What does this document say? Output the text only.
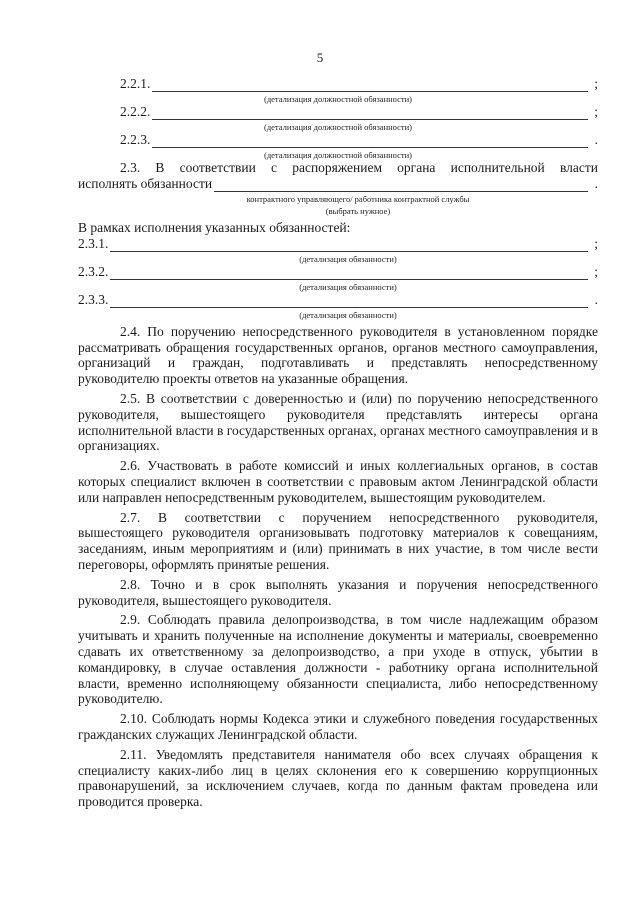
5
2.2.1.	;
(детализация должностной обязанности)
2.2.2.	;
(детализация должностной обязанности)
2.2.3.	.
(детализация должностной обязанности)

2.3. В соответствии с распоряжением органа исполнительной власти

исполнять обязанности	.
контрактного управляющего/ работника контрактной службы
(выбрать нужное)

В рамках исполнения указанных обязанностей:

2.3.1.	;
(детализация обязанности)
2.3.2.	;
(детализация обязанности)
2.3.3.	.
(детализация обязанности)

2.4. По поручению непосредственного руководителя в установленном порядке рассматривать обращения государственных органов, органов местного самоуправления, организаций и граждан, подготавливать и представлять непосредственному руководителю проекты ответов на указанные обращения.

2.5. В соответствии с доверенностью и (или) по поручению непосредственного руководителя, вышестоящего руководителя представлять интересы органа исполнительной власти в государственных органах, органах местного самоуправления и в организациях.

2.6. Участвовать в работе комиссий и иных коллегиальных органов, в состав которых специалист включен в соответствии с правовым актом Ленинградской области или направлен непосредственным руководителем, вышестоящим руководителем.

2.7. В соответствии с поручением непосредственного руководителя, вышестоящего руководителя организовывать подготовку материалов к совещаниям, заседаниям, иным мероприятиям и (или) принимать в них участие, в том числе вести переговоры, оформлять принятые решения.

2.8. Точно и в срок выполнять указания и поручения непосредственного руководителя, вышестоящего руководителя.

2.9. Соблюдать правила делопроизводства, в том числе надлежащим образом учитывать и хранить полученные на исполнение документы и материалы, своевременно сдавать их ответственному за делопроизводство, а при уходе в отпуск, убытии в командировку, в случае оставления должности - работнику органа исполнительной власти, временно исполняющему обязанности специалиста, либо непосредственному руководителю.

2.10. Соблюдать нормы Кодекса этики и служебного поведения государственных гражданских служащих Ленинградской области.

2.11. Уведомлять представителя нанимателя обо всех случаях обращения к специалисту каких-либо лиц в целях склонения его к совершению коррупционных правонарушений, за исключением случаев, когда по данным фактам проведена или проводится проверка.
